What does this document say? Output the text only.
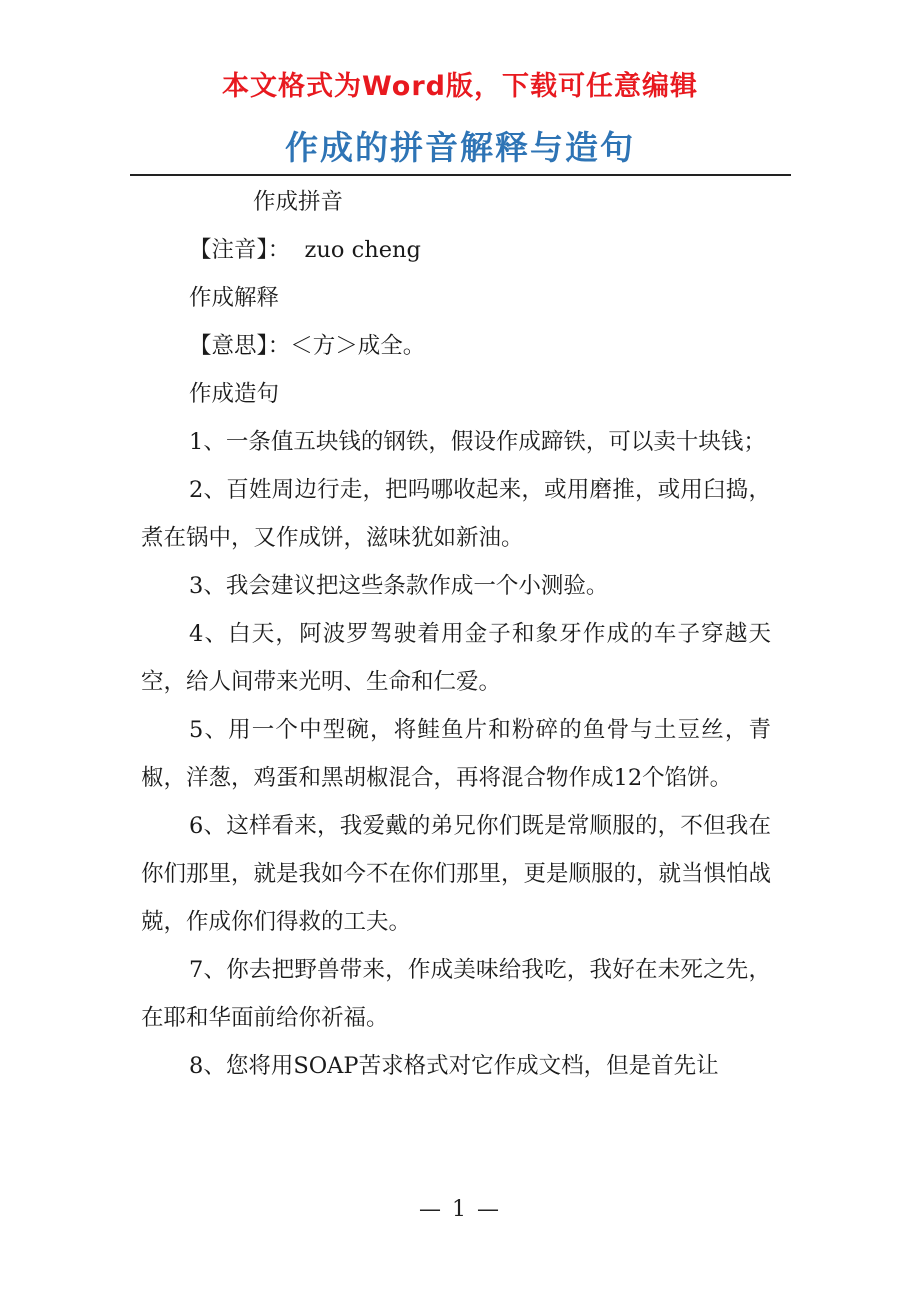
本文格式为Word版，下载可任意编辑
作成的拼音解释与造句

作成拼音

【注音】：  zuo cheng

作成解释

【意思】：＜方＞成全。

作成造句

1、一条值五块钱的钢铁，假设作成蹄铁，可以卖十块钱；

2、百姓周边行走，把吗哪收起来，或用磨推，或用臼捣，煮在锅中，又作成饼，滋味犹如新油。

3、我会建议把这些条款作成一个小测验。

4、白天，阿波罗驾驶着用金子和象牙作成的车子穿越天空，给人间带来光明、生命和仁爱。

5、用一个中型碗，将鲑鱼片和粉碎的鱼骨与土豆丝，青椒，洋葱，鸡蛋和黑胡椒混合，再将混合物作成12个馅饼。

6、这样看来，我爱戴的弟兄你们既是常顺服的，不但我在你们那里，就是我如今不在你们那里，更是顺服的，就当惧怕战兢，作成你们得救的工夫。

7、你去把野兽带来，作成美味给我吃，我好在未死之先，在耶和华面前给你祈福。

8、您将用SOAP苦求格式对它作成文档，但是首先让

— 1 —
